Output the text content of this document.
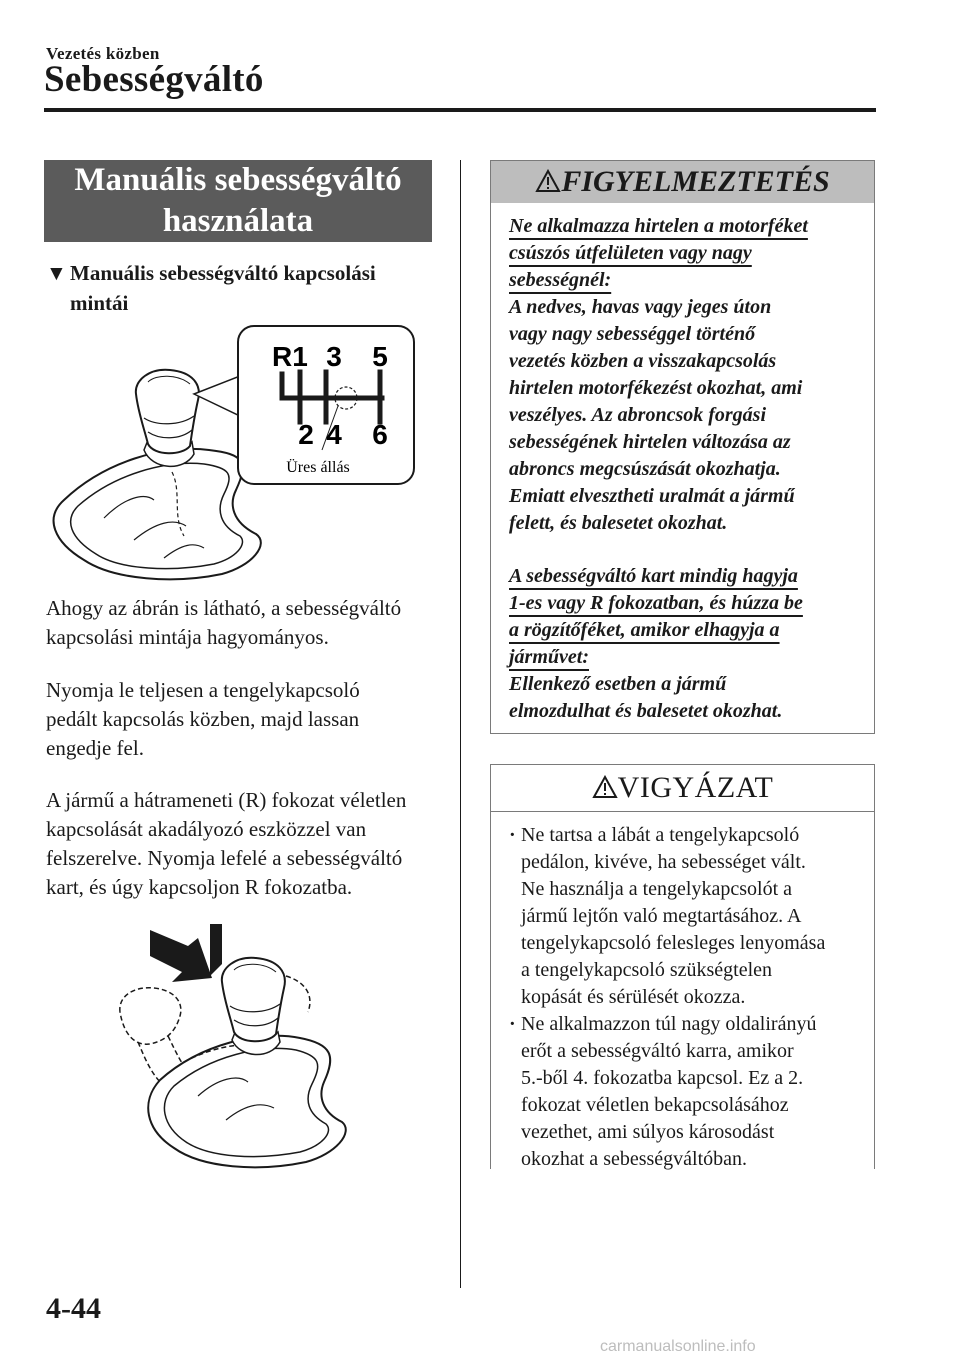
Vezetés közben
Sebességváltó
Manuális sebességváltó
használata
▼ Manuális sebességváltó kapcsolási
mintái
R 1 3 5
2 4 6
Üres állás

Ahogy az ábrán is látható, a sebességváltó

kapcsolási mintája hagyományos.

Nyomja le teljesen a tengelykapcsoló

pedált kapcsolás közben, majd lassan

engedje fel.

A jármű a hátrameneti (R) fokozat véletlen

kapcsolását akadályozó eszközzel van

felszerelve. Nyomja lefelé a sebességváltó

kart, és úgy kapcsoljon R fokozatba.

FIGYELMEZTETÉS

Ne alkalmazza hirtelen a motorféket

csúszós útfelületen vagy nagy

sebességnél:

A nedves, havas vagy jeges úton

vagy nagy sebességgel történő

vezetés közben a visszakapcsolás

hirtelen motorfékezést okozhat, ami

veszélyes. Az abroncsok forgási

sebességének hirtelen változása az

abroncs megcsúszását okozhatja.

Emiatt elvesztheti uralmát a jármű

felett, és balesetet okozhat.

A sebességváltó kart mindig hagyja

1-es vagy R fokozatban, és húzza be

a rögzítőféket, amikor elhagyja a

járművet:

Ellenkező esetben a jármű

elmozdulhat és balesetet okozhat.

VIGYÁZAT
· Ne tartsa a lábát a tengelykapcsoló
pedálon, kivéve, ha sebességet vált.
Ne használja a tengelykapcsolót a
jármű lejtőn való megtartásához. A
tengelykapcsoló felesleges lenyomása
a tengelykapcsoló szükségtelen
kopását és sérülését okozza.
· Ne alkalmazzon túl nagy oldalirányú
erőt a sebességváltó karra, amikor
5.-ből 4. fokozatba kapcsol. Ez a 2.
fokozat véletlen bekapcsolásához
vezethet, ami súlyos károsodást
okozhat a sebességváltóban.
4-44
carmanualsonline.info
